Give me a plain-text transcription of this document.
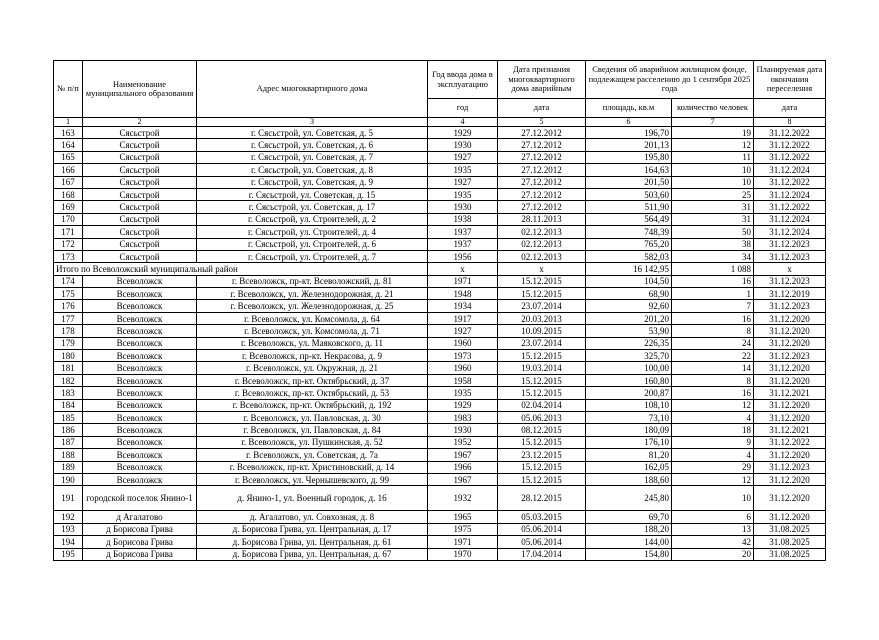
№ п/п	Наименование муниципального образования	Адрес многоквартирного дома	Год ввода дома в эксплуатацию	Дата признания многоквартирного дома аварийным	Сведения об аварийном жилищном фонде, подлежащем расселению до 1 сентября 2025 года		Планируемая дата окончания переселения
			год	дата	площадь, кв.м	количество человек	дата
1	2	3	4	5	6	7	8
163	Сясьстрой	г. Сясьстрой, ул. Советская, д. 5	1929	27.12.2012	196,70	19	31.12.2022
164	Сясьстрой	г. Сясьстрой, ул. Советская, д. 6	1930	27.12.2012	201,13	12	31.12.2022
165	Сясьстрой	г. Сясьстрой, ул. Советская, д. 7	1927	27.12.2012	195,80	11	31.12.2022
166	Сясьстрой	г. Сясьстрой, ул. Советская, д. 8	1935	27.12.2012	164,63	10	31.12.2024
167	Сясьстрой	г. Сясьстрой, ул. Советская, д. 9	1927	27.12.2012	201,50	10	31.12.2022
168	Сясьстрой	г. Сясьстрой, ул. Советская, д. 15	1935	27.12.2012	503,60	25	31.12.2024
169	Сясьстрой	г. Сясьстрой, ул. Советская, д. 17	1930	27.12.2012	511,90	31	31.12.2022
170	Сясьстрой	г. Сясьстрой, ул. Строителей, д. 2	1938	28.11.2013	564,49	31	31.12.2024
171	Сясьстрой	г. Сясьстрой, ул. Строителей, д. 4	1937	02.12.2013	748,39	50	31.12.2024
172	Сясьстрой	г. Сясьстрой, ул. Строителей, д. 6	1937	02.12.2013	765,20	38	31.12.2023
173	Сясьстрой	г. Сясьстрой, ул. Строителей, д. 7	1956	02.12.2013	582,03	34	31.12.2023
Итого по Всеволожский муниципальный район			x	x	16 142,95	1 088	x
174	Всеволожск	г. Всеволожск, пр-кт. Всеволожский, д. 81	1971	15.12.2015	104,50	16	31.12.2023
175	Всеволожск	г. Всеволожск, ул. Железнодорожная, д. 21	1948	15.12.2015	68,90	1	31.12.2019
176	Всеволожск	г. Всеволожск, ул. Железнодорожная, д. 25	1934	23.07.2014	92,60	7	31.12.2023
177	Всеволожск	г. Всеволожск, ул. Комсомола, д. 64	1917	20.03.2013	201,20	16	31.12.2020
178	Всеволожск	г. Всеволожск, ул. Комсомола, д. 71	1927	10.09.2015	53,90	8	31.12.2020
179	Всеволожск	г. Всеволожск, ул. Маяковского, д. 11	1960	23.07.2014	226,35	24	31.12.2020
180	Всеволожск	г. Всеволожск, пр-кт. Некрасова, д. 9	1973	15.12.2015	325,70	22	31.12.2023
181	Всеволожск	г. Всеволожск, ул. Окружная, д. 21	1960	19.03.2014	100,00	14	31.12.2020
182	Всеволожск	г. Всеволожск, пр-кт. Октябрьский, д. 37	1958	15.12.2015	160,80	8	31.12.2020
183	Всеволожск	г. Всеволожск, пр-кт. Октябрьский, д. 53	1935	15.12.2015	200,87	16	31.12.2021
184	Всеволожск	г. Всеволожск, пр-кт. Октябрьский, д. 192	1929	02.04.2014	108,10	12	31.12.2020
185	Всеволожск	г. Всеволожск, ул. Павловская, д. 30	1983	05.06.2013	73,10	4	31.12.2020
186	Всеволожск	г. Всеволожск, ул. Павловская, д. 84	1930	08.12.2015	180,09	18	31.12.2021
187	Всеволожск	г. Всеволожск, ул. Пушкинская, д. 52	1952	15.12.2015	176,10	9	31.12.2022
188	Всеволожск	г. Всеволожск, ул. Советская, д. 7а	1967	23.12.2015	81,20	4	31.12.2020
189	Всеволожск	г. Всеволожск, пр-кт. Христиновский, д. 14	1966	15.12.2015	162,05	29	31.12.2023
190	Всеволожск	г. Всеволожск, ул. Чернышевского, д. 99	1967	15.12.2015	188,60	12	31.12.2020
191	городской поселок Янино-1	д. Янино-1, ул. Военный городок, д. 16	1932	28.12.2015	245,80	10	31.12.2020
192	д Агалатово	д. Агалатово, ул. Совхозная, д. 8	1965	05.03.2015	69,70	6	31.12.2020
193	д Борисова Грива	д. Борисова Грива, ул. Центральная, д. 17	1975	05.06.2014	188,20	13	31.08.2025
194	д Борисова Грива	д. Борисова Грива, ул. Центральная, д. 61	1971	05.06.2014	144,00	42	31.08.2025
195	д Борисова Грива	д. Борисова Грива, ул. Центральная, д. 67	1970	17.04.2014	154,80	20	31.08.2025
